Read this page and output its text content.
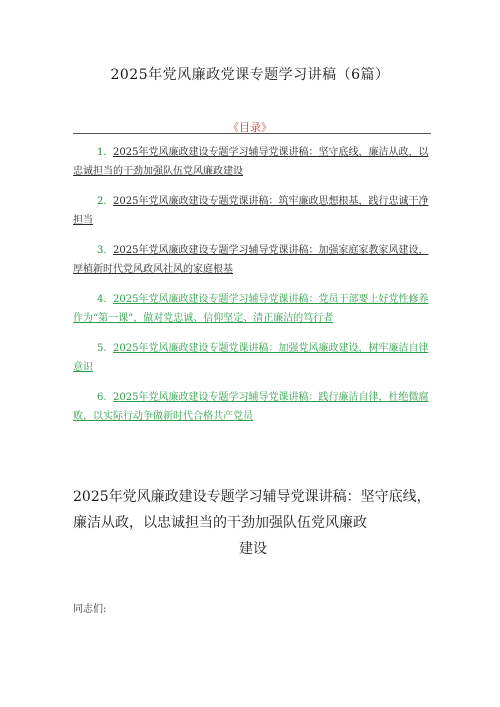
2025年党风廉政党课专题学习讲稿（6篇）
《目录》
1. 2025年党风廉政建设专题学习辅导党课讲稿：坚守底线，廉洁从政，以忠诚担当的干劲加强队伍党风廉政建设
2. 2025年党风廉政建设专题党课讲稿：筑牢廉政思想根基，践行忠诚干净担当
3. 2025年党风廉政建设专题学习辅导党课讲稿：加强家庭家教家风建设，厚植新时代党风政风社风的家庭根基
4. 2025年党风廉政建设专题学习辅导党课讲稿：党员干部要上好党性修养作为“第一课”，做对党忠诚、信仰坚定、清正廉洁的笃行者
5. 2025年党风廉政建设专题党课讲稿：加强党风廉政建设，树牢廉洁自律意识
6. 2025年党风廉政建设专题学习辅导党课讲稿：践行廉洁自律，杜绝微腐败，以实际行动争做新时代合格共产党员
2025年党风廉政建设专题学习辅导党课讲稿：坚守底线，廉洁从政，以忠诚担当的干劲加强队伍党风廉政
建设
同志们:
